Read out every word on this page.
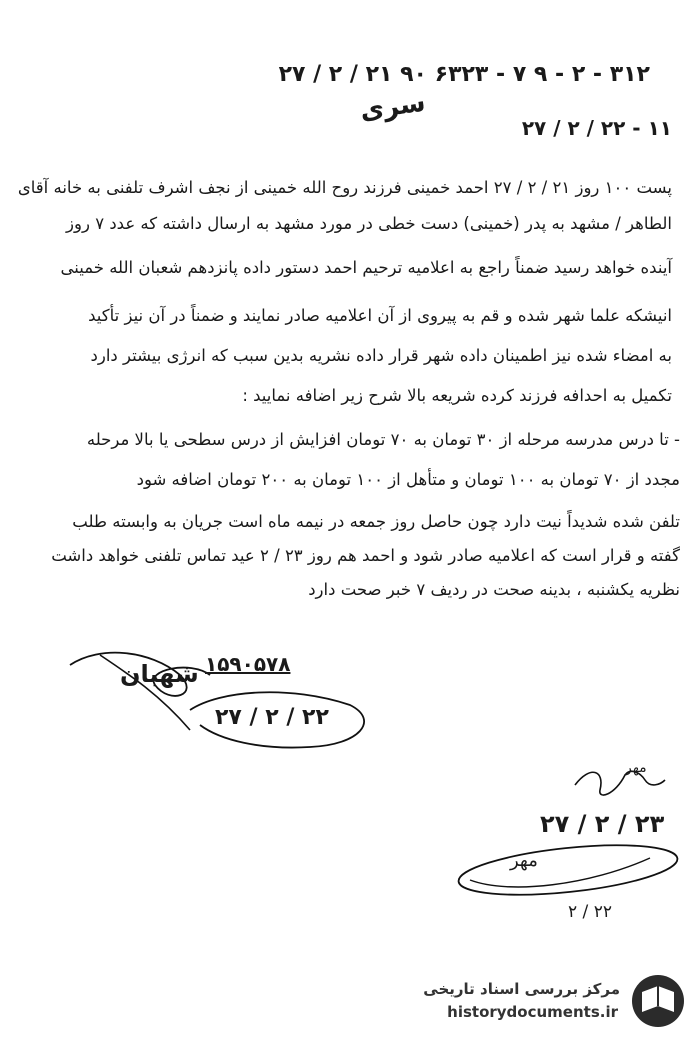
۳۱۲ - ۲ - ۹ ۷ - ۶۳۲۳ ۹۰ ۲۱ / ۲ / ۲۷
سری
۱۱ - ۲۲ / ۲ / ۲۷
پست ۱۰۰ روز ۲۱ / ۲ / ۲۷ احمد خمینی فرزند روح الله خمینی از نجف اشرف تلفنی به خانه آقای
الطاهر / مشهد به پدر (خمینی) دست خطی در مورد مشهد به ارسال داشته که عدد ۷ روز
آینده خواهد رسید ضمناً راجع به اعلامیه ترحیم احمد دستور داده پانزدهم شعبان الله خمینی
انیشکه علما شهر شده و قم به پیروی از آن اعلامیه صادر نمایند و ضمناً در آن نیز تأکید
به امضاء شده نیز اطمینان داده شهر قرار داده نشریه بدین سبب که انرژی بیشتر دارد
تکمیل به احدافه فرزند کرده شریعه بالا شرح زیر اضافه نمایید :
- تا درس مدرسه مرحله از ۳۰ تومان به ۷۰ تومان افزایش از درس سطحی یا بالا مرحله
مجدد از ۷۰ تومان به ۱۰۰ تومان و متأهل از ۱۰۰ تومان به ۲۰۰ تومان اضافه شود
تلفن شده شدیداً نیت دارد چون حاصل روز جمعه در نیمه ماه است جریان به وابسته طلب
گفته و قرار است که اعلامیه صادر شود و احمد هم روز ۲۳ / ۲ عید تماس تلفنی خواهد داشت
نظریه یکشنبه ، بدینه صحت در ردیف ۷ خبر صحت دارد
۱۵۹۰۵۷۸
شهبان
۲۲ / ۲ / ۲۷
مهر
۲۳ / ۲ / ۲۷
مهر
۲۲ / ۲
مرکز بررسی اسناد تاریخی
historydocuments.ir
